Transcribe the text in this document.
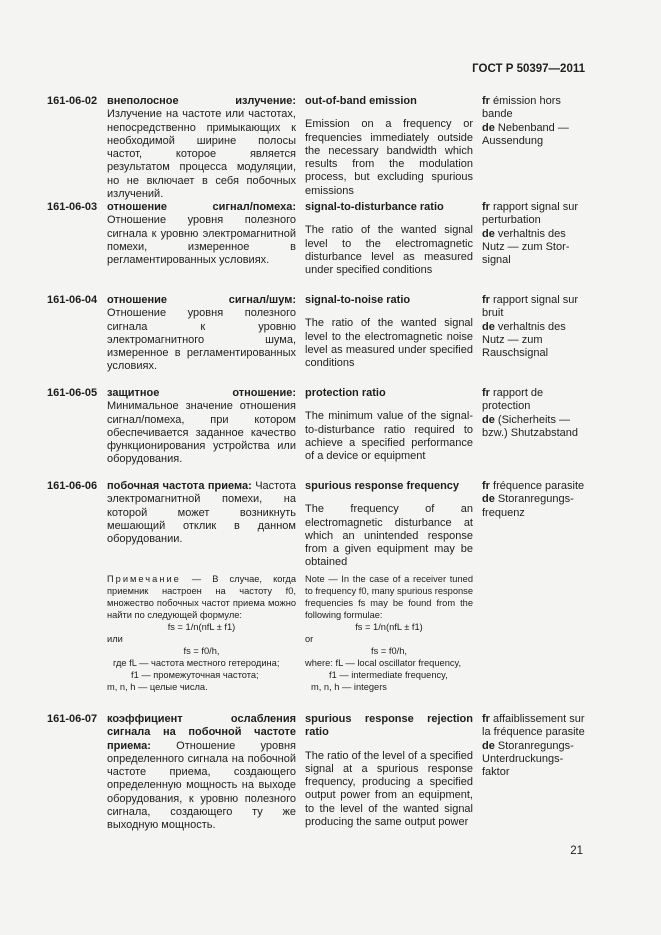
ГОСТ Р 50397—2011
161-06-02 внеполосное излучение: Излучение на частоте или частотах, непосредственно примыкающих к необходимой ширине полосы частот, которое является результатом процесса модуляции, но не включает в себя побочных излучений.
out-of-band emission
Emission on a frequency or frequencies immediately outside the necessary bandwidth which results from the modulation process, but excluding spurious emissions
fr émission hors bande
de Nebenband — Aussendung
161-06-03 отношение сигнал/помеха: Отношение уровня полезного сигнала к уровню электромагнитной помехи, измеренное в регламентированных условиях.
signal-to-disturbance ratio
The ratio of the wanted signal level to the electromagnetic disturbance level as measured under specified conditions
fr rapport signal sur perturbation
de verhaltnis des Nutz — zum Stor-signal
161-06-04 отношение сигнал/шум: Отношение уровня полезного сигнала к уровню электромагнитного шума, измеренное в регламентированных условиях.
signal-to-noise ratio
The ratio of the wanted signal level to the electromagnetic noise level as measured under specified conditions
fr rapport signal sur bruit
de verhaltnis des Nutz — zum Rauschsignal
161-06-05 защитное отношение: Минимальное значение отношения сигнал/помеха, при котором обеспечивается заданное качество функционирования устройства или оборудования.
protection ratio
The minimum value of the signal-to-disturbance ratio required to achieve a specified performance of a device or equipment
fr rapport de protection
de (Sicherheits — bzw.) Shutzabstand
161-06-06 побочная частота приема: Частота электромагнитной помехи, на которой может возникнуть мешающий отклик в данном оборудовании.
spurious response frequency
The frequency of an electromagnetic disturbance at which an unintended response from a given equipment may be obtained
fr fréquence parasite
de Storanregungs-frequenz
Примечание — В случае, когда приемник настроен на частоту f0, множество побочных частот приема можно найти по следующей формуле:
fs = 1/n(nfL ± f1)
или
fs = f0/h,
где fL — частота местного гетеродина;
f1 — промежуточная частота;
m, n, h — целые числа.
Note — In the case of a receiver tuned to frequency f0, many spurious response frequencies fs may be found from the following formulae:
fs = 1/n(nfL ± f1)
or
fs = f0/h,
where: fL — local oscillator frequency,
f1 — intermediate frequency,
m, n, h — integers
161-06-07 коэффициент ослабления сигнала на побочной частоте приема: Отношение уровня определенного сигнала на побочной частоте приема, создающего определенную мощность на выходе оборудования, к уровню полезного сигнала, создающего ту же выходную мощность.
spurious response rejection ratio
The ratio of the level of a specified signal at a spurious response frequency, producing a specified output power from an equipment, to the level of the wanted signal producing the same output power
fr affaiblissement sur la fréquence parasite
de Storanregungs-Unterdruckungs-faktor
21
